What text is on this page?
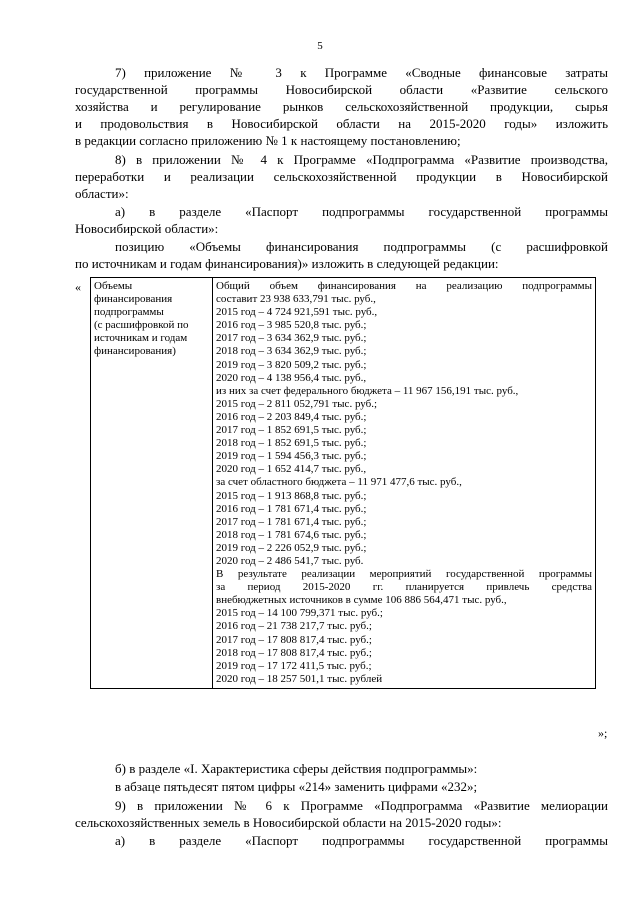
5
7) приложение № 3 к Программе «Сводные финансовые затраты
государственной программы Новосибирской области «Развитие сельского
хозяйства и регулирование рынков сельскохозяйственной продукции, сырья
и продовольствия в Новосибирской области на 2015-2020 годы» изложить
в редакции согласно приложению № 1 к настоящему постановлению;
8) в приложении № 4 к Программе «Подпрограмма «Развитие производства,
переработки и реализации сельскохозяйственной продукции в Новосибирской
области»:
а) в разделе «Паспорт подпрограммы государственной программы
Новосибирской области»:
позицию «Объемы финансирования подпрограммы (с расшифровкой
по источникам и годам финансирования)» изложить в следующей редакции:
« Объемы
финансирования
подпрограммы
(с расшифровкой по
источникам и годам
финансирования)

Общий объем финансирования на реализацию подпрограммы
составит 23 938 633,791 тыс. руб.,
2015 год – 4 724 921,591 тыс. руб.,
2016 год – 3 985 520,8 тыс. руб.;
2017 год – 3 634 362,9 тыс. руб.;
2018 год – 3 634 362,9 тыс. руб.;
2019 год – 3 820 509,2 тыс. руб.;
2020 год – 4 138 956,4 тыс. руб.,
из них за счет федерального бюджета – 11 967 156,191 тыс. руб.,
2015 год – 2 811 052,791 тыс. руб.;
2016 год – 2 203 849,4 тыс. руб.;
2017 год – 1 852 691,5 тыс. руб.;
2018 год – 1 852 691,5 тыс. руб.;
2019 год – 1 594 456,3 тыс. руб.;
2020 год – 1 652 414,7 тыс. руб.,
за счет областного бюджета – 11 971 477,6 тыс. руб.,
2015 год – 1 913 868,8 тыс. руб.;
2016 год – 1 781 671,4 тыс. руб.;
2017 год – 1 781 671,4 тыс. руб.;
2018 год – 1 781 674,6 тыс. руб.;
2019 год – 2 226 052,9 тыс. руб.;
2020 год – 2 486 541,7 тыс. руб.
В результате реализации мероприятий государственной программы
за период 2015-2020 гг. планируется привлечь средства
внебюджетных источников в сумме 106 886 564,471 тыс. руб.,
2015 год – 14 100 799,371 тыс. руб.;
2016 год – 21 738 217,7 тыс. руб.;
2017 год – 17 808 817,4 тыс. руб.;
2018 год – 17 808 817,4 тыс. руб.;
2019 год – 17 172 411,5 тыс. руб.;
2020 год – 18 257 501,1 тыс. рублей
»;
б) в разделе «I. Характеристика сферы действия подпрограммы»:
в абзаце пятьдесят пятом цифры «214» заменить цифрами «232»;
9) в приложении № 6 к Программе «Подпрограмма «Развитие мелиорации
сельскохозяйственных земель в Новосибирской области на 2015-2020 годы»:
а) в разделе «Паспорт подпрограммы государственной программы
